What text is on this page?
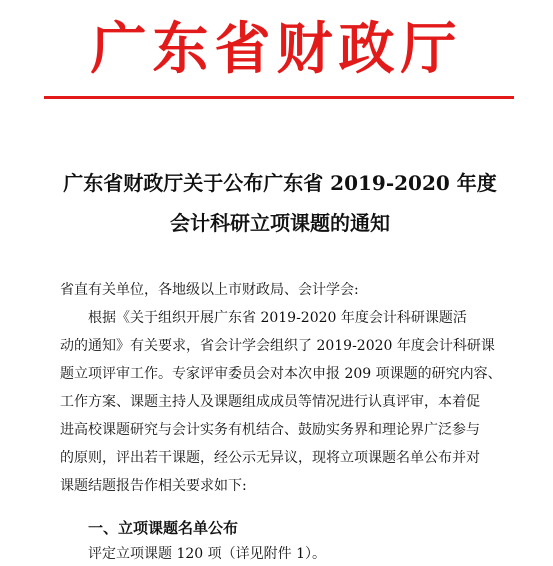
广东省财政厅
广东省财政厅关于公布广东省 2019-2020 年度
会计科研立项课题的通知
省直有关单位，各地级以上市财政局、会计学会:
根据《关于组织开展广东省 2019-2020 年度会计科研课题活
动的通知》有关要求，省会计学会组织了 2019-2020 年度会计科研课
题立项评审工作。专家评审委员会对本次申报 209 项课题的研究内容、
工作方案、课题主持人及课题组成成员等情况进行认真评审，本着促
进高校课题研究与会计实务有机结合、鼓励实务界和理论界广泛参与
的原则，评出若干课题，经公示无异议，现将立项课题名单公布并对
课题结题报告作相关要求如下:
一、立项课题名单公布
评定立项课题 120 项（详见附件 1）。
